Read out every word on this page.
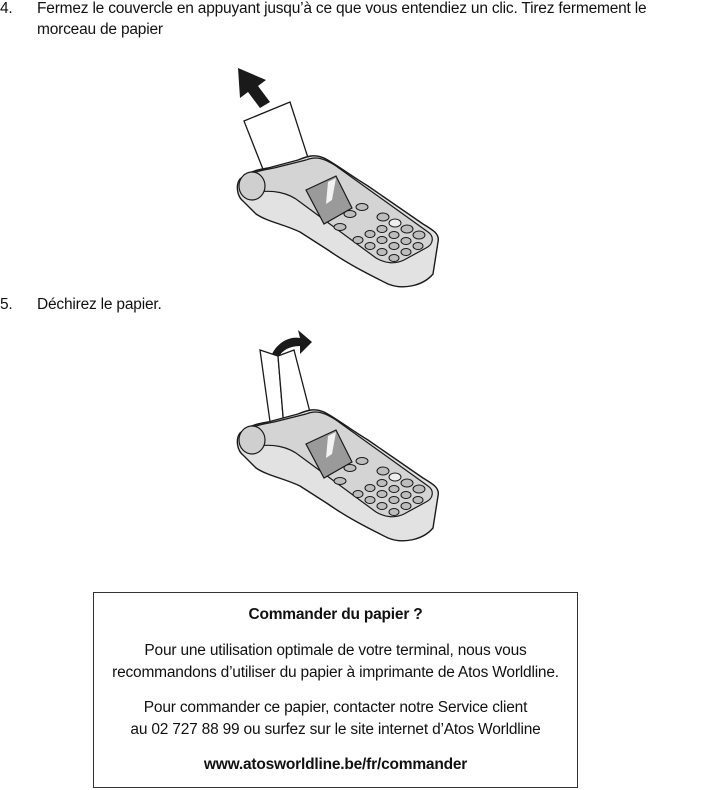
4. Fermez le couvercle en appuyant jusqu’à ce que vous entendiez un clic. Tirez fermement le morceau de papier
5. Déchirez le papier.
Commander du papier ?
Pour une utilisation optimale de votre terminal, nous vous
recommandons d’utiliser du papier à imprimante de Atos Worldline.
Pour commander ce papier, contacter notre Service client
au 02 727 88 99 ou surfez sur le site internet d’Atos Worldline
www.atosworldline.be/fr/commander
